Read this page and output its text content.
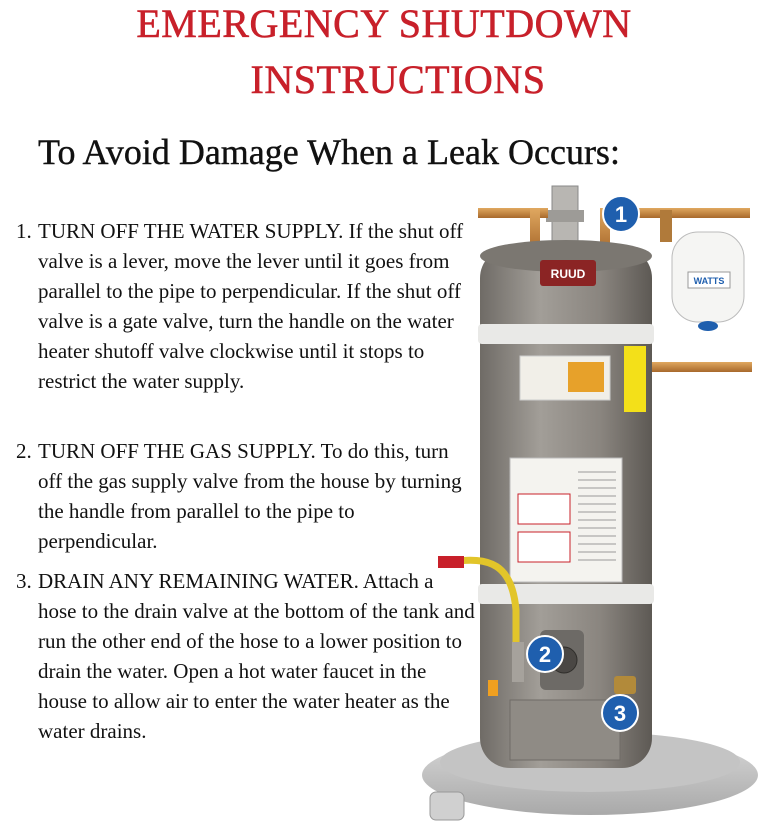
EMERGENCY SHUTDOWN
INSTRUCTIONS
To Avoid Damage When a Leak Occurs:
1. TURN OFF THE WATER SUPPLY. If the shut off valve is a lever, move the lever until it goes from parallel to the pipe to perpendicular. If the shut off valve is a gate valve, turn the handle on the water heater shutoff valve clockwise until it stops to restrict the water supply.
2. TURN OFF THE GAS SUPPLY. To do this, turn off the gas supply valve from the house by turning the handle from parallel to the pipe to perpendicular.
3. DRAIN ANY REMAINING WATER. Attach a hose to the drain valve at the bottom of the tank and run the other end of the hose to a lower position to drain the water. Open a hot water faucet in the house to allow air to enter the water heater as the water drains.
WATTS
RUUD
1
2
3
